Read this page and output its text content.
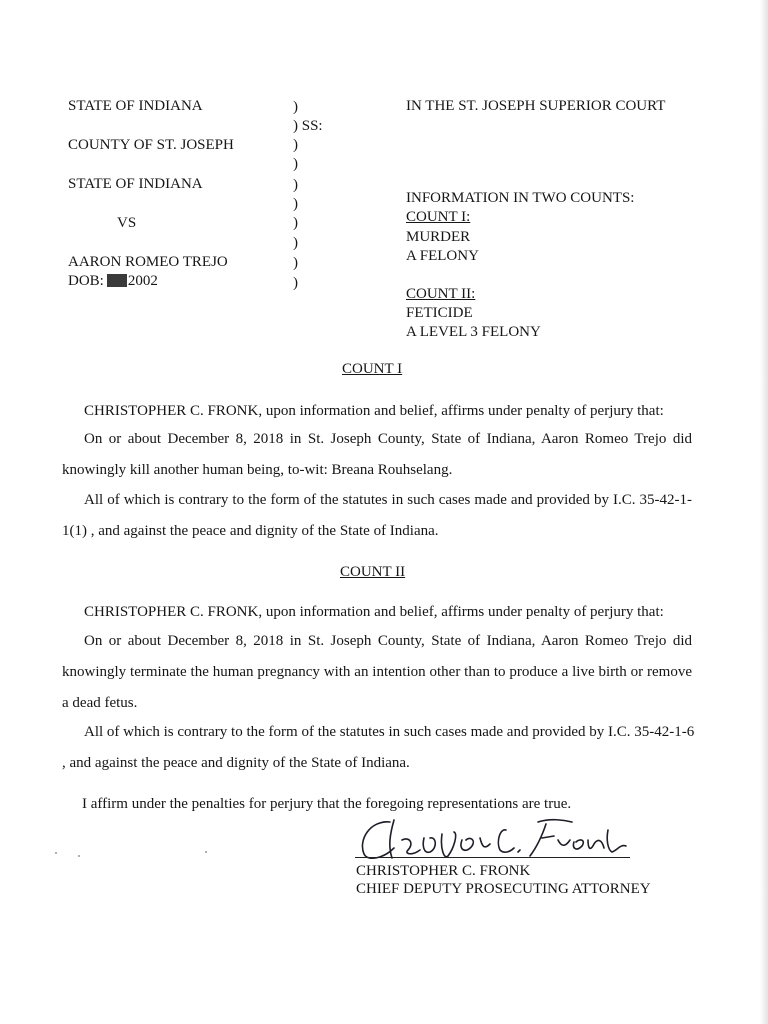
STATE OF INDIANA
COUNTY OF ST. JOSEPH
STATE OF INDIANA
VS
AARON ROMEO TREJO
DOB: 2002
)
) SS:
)
)
)
)
)
)
)
)
IN THE ST. JOSEPH SUPERIOR COURT
INFORMATION IN TWO COUNTS:
COUNT I:
MURDER
A FELONY
COUNT II:
FETICIDE
A LEVEL 3 FELONY
COUNT I
CHRISTOPHER C. FRONK, upon information and belief, affirms under penalty of perjury that:
On or about December 8, 2018 in St. Joseph County, State of Indiana, Aaron Romeo Trejo did knowingly kill another human being, to-wit: Breana Rouhselang.
All of which is contrary to the form of the statutes in such cases made and provided by I.C. 35-42-1-1(1) , and against the peace and dignity of the State of Indiana.
COUNT II
CHRISTOPHER C. FRONK, upon information and belief, affirms under penalty of perjury that:
On or about December 8, 2018 in St. Joseph County, State of Indiana, Aaron Romeo Trejo did knowingly terminate the human pregnancy with an intention other than to produce a live birth or remove a dead fetus.
All of which is contrary to the form of the statutes in such cases made and provided by I.C. 35-42-1-6
, and against the peace and dignity of the State of Indiana.
I affirm under the penalties for perjury that the foregoing representations are true.
CHRISTOPHER C. FRONK
CHIEF DEPUTY PROSECUTING ATTORNEY
